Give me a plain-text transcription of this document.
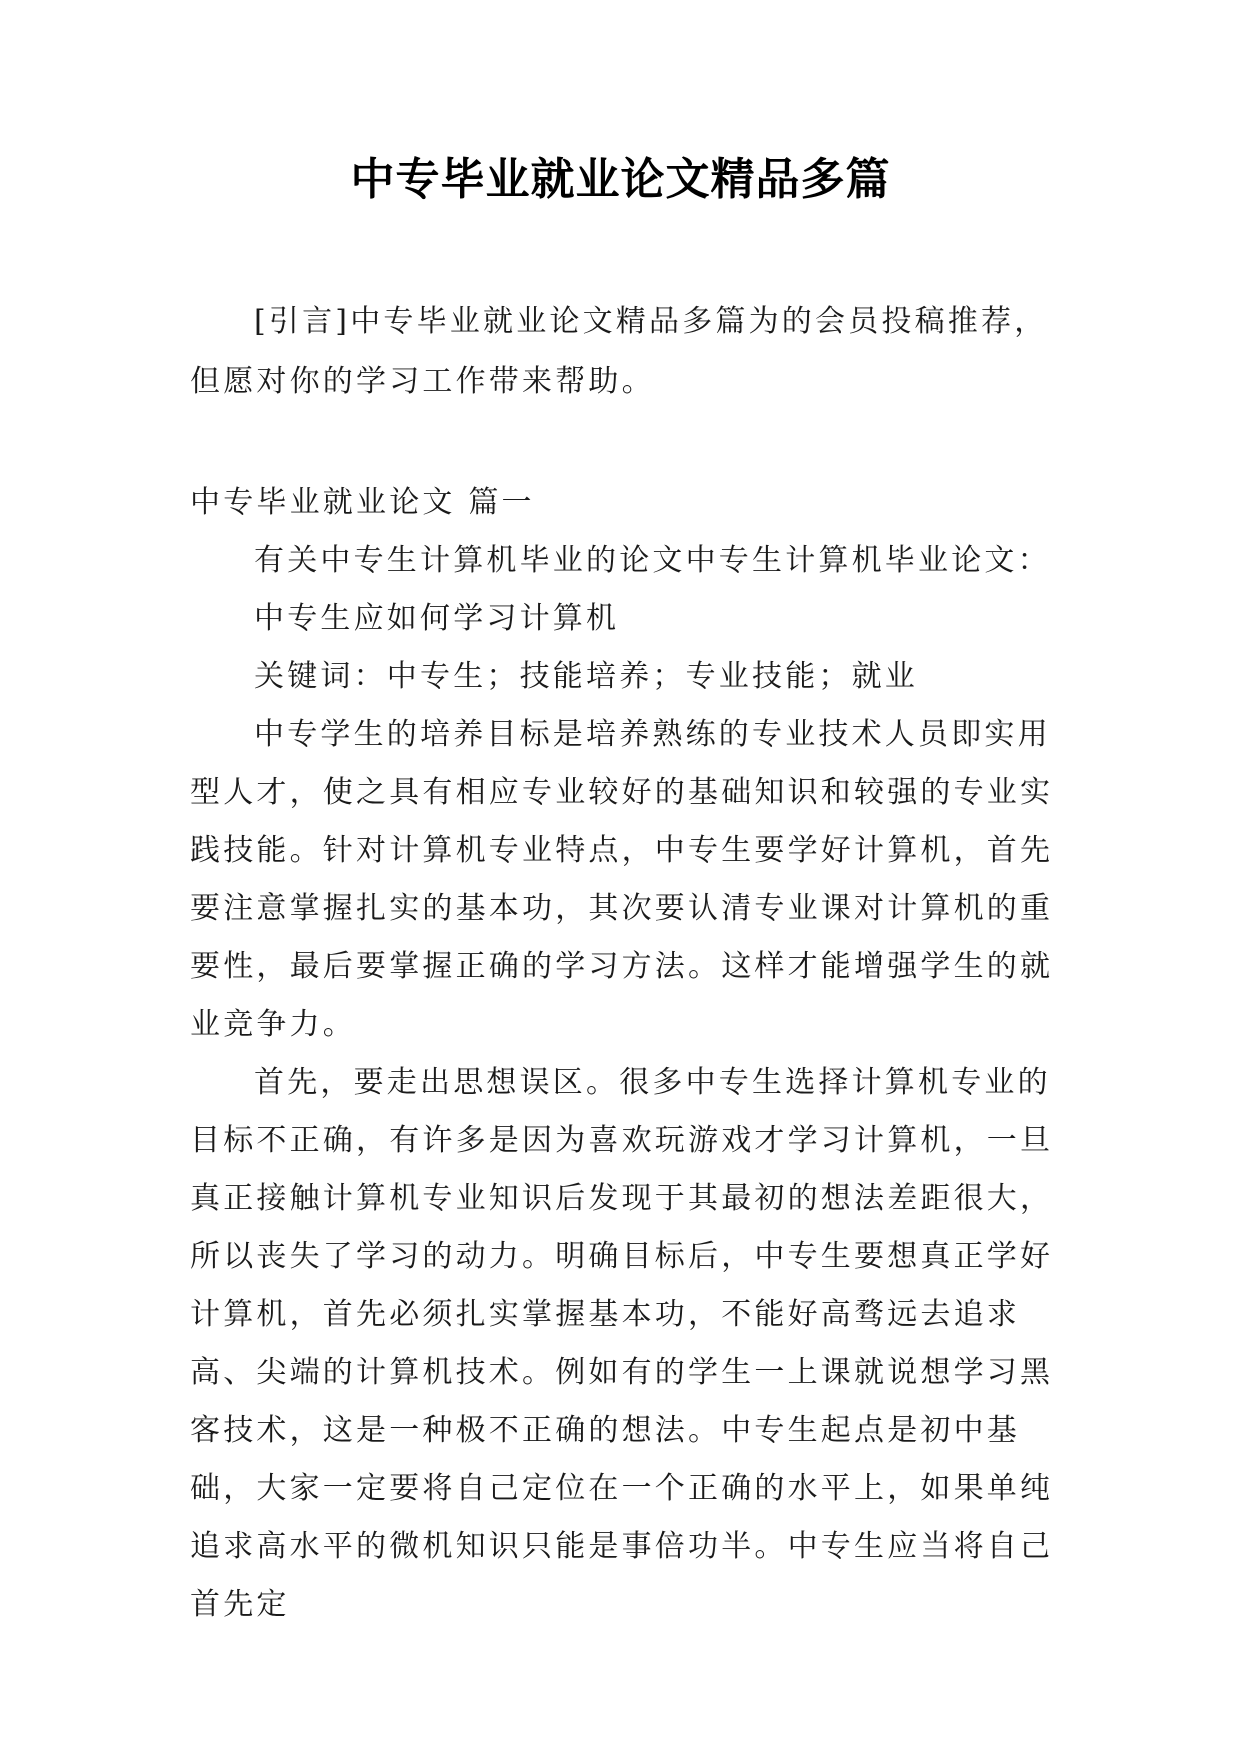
中专毕业就业论文精品多篇

[引言]中专毕业就业论文精品多篇为的会员投稿推荐，但愿对你的学习工作带来帮助。

中专毕业就业论文 篇一

有关中专生计算机毕业的论文中专生计算机毕业论文：

中专生应如何学习计算机

关键词：中专生；技能培养；专业技能；就业

中专学生的培养目标是培养熟练的专业技术人员即实用型人才，使之具有相应专业较好的基础知识和较强的专业实践技能。针对计算机专业特点，中专生要学好计算机，首先要注意掌握扎实的基本功，其次要认清专业课对计算机的重要性，最后要掌握正确的学习方法。这样才能增强学生的就业竞争力。

首先，要走出思想误区。很多中专生选择计算机专业的目标不正确，有许多是因为喜欢玩游戏才学习计算机，一旦真正接触计算机专业知识后发现于其最初的想法差距很大，所以丧失了学习的动力。明确目标后，中专生要想真正学好计算机，首先必须扎实掌握基本功，不能好高骛远去追求高、尖端的计算机技术。例如有的学生一上课就说想学习黑客技术，这是一种极不正确的想法。中专生起点是初中基础，大家一定要将自己定位在一个正确的水平上，如果单纯追求高水平的微机知识只能是事倍功半。中专生应当将自己首先定
